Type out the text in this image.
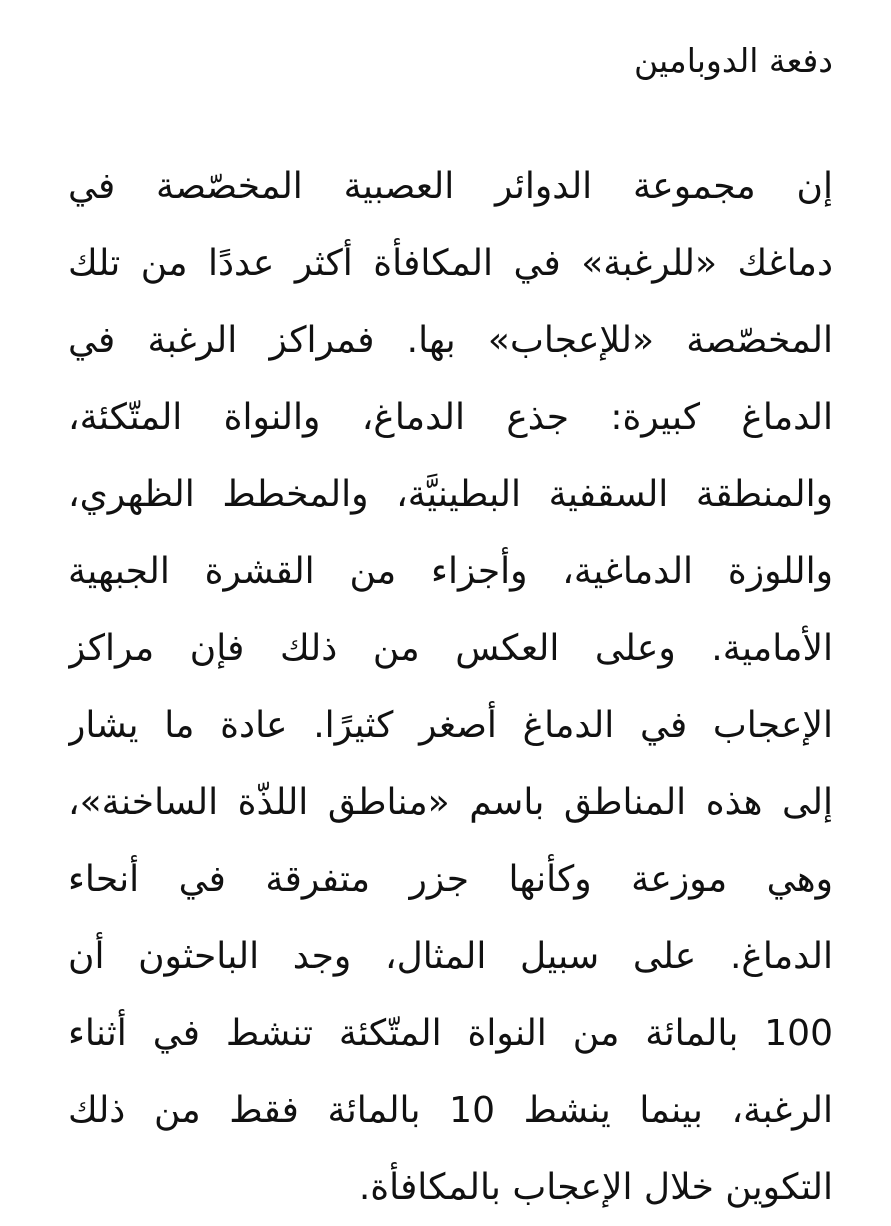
دفعة الدوبامين
إن مجموعة الدوائر العصبية المخصّصة في
دماغك «للرغبة» في المكافأة أكثر عددًا من تلك
المخصّصة «للإعجاب» بها. فمراكز الرغبة في
الدماغ كبيرة: جذع الدماغ، والنواة المتّكئة،
والمنطقة السقفية البطينيَّة، والمخطط الظهري،
واللوزة الدماغية، وأجزاء من القشرة الجبهية
الأمامية. وعلى العكس من ذلك فإن مراكز
الإعجاب في الدماغ أصغر كثيرًا. عادة ما يشار
إلى هذه المناطق باسم «مناطق اللذّة الساخنة»،
وهي موزعة وكأنها جزر متفرقة في أنحاء
الدماغ. على سبيل المثال، وجد الباحثون أن
100 بالمائة من النواة المتّكئة تنشط في أثناء
الرغبة، بينما ينشط 10 بالمائة فقط من ذلك
التكوين خلال الإعجاب بالمكافأة.
